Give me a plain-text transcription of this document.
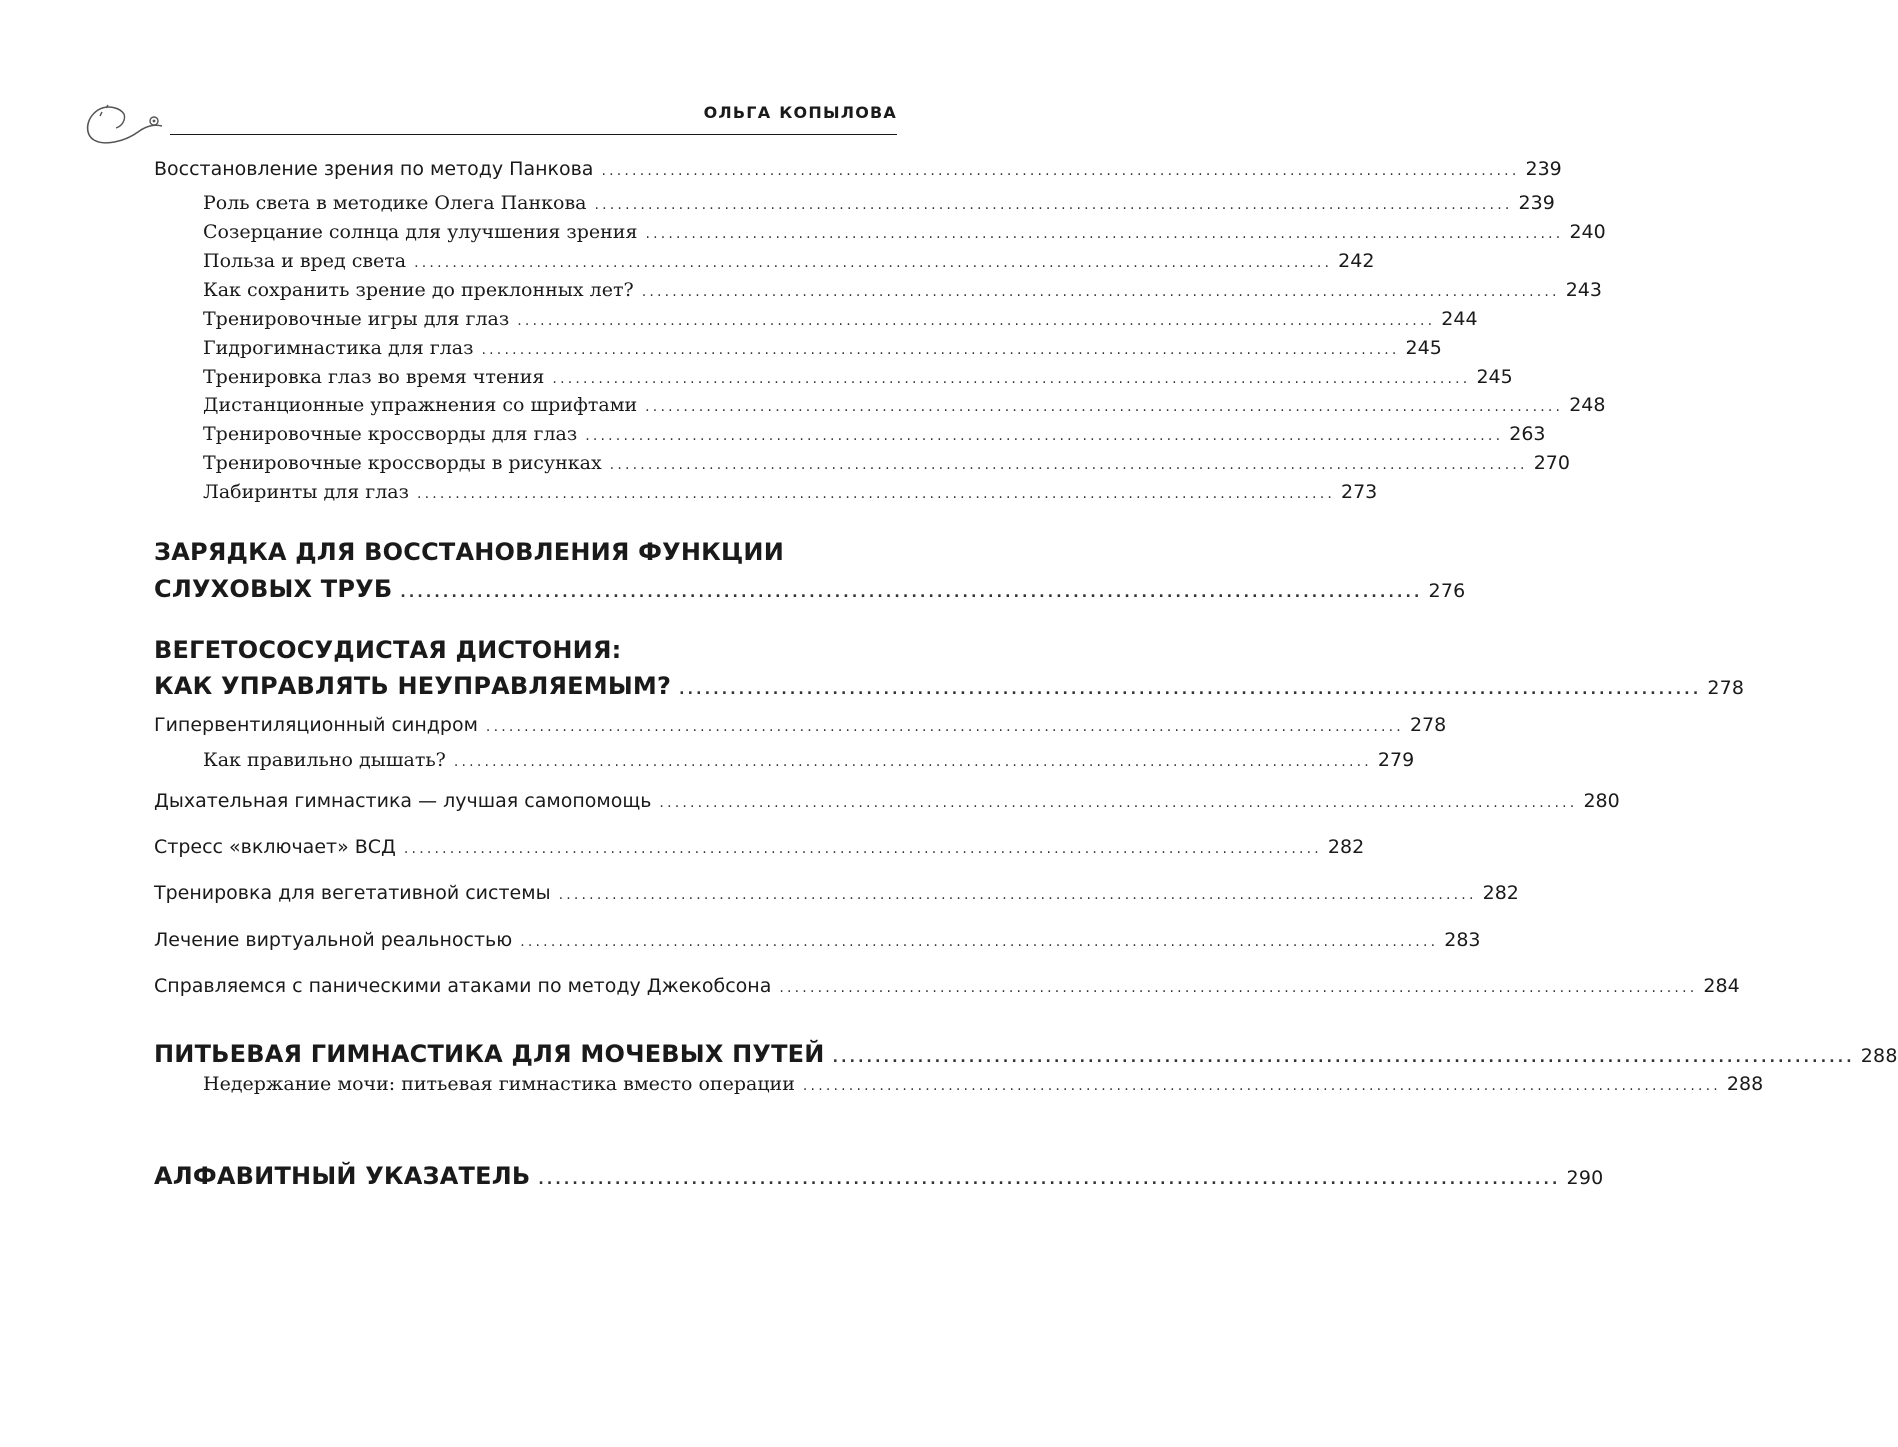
ОЛЬГА КОПЫЛОВА
Восстановление зрения по методу Панкова ........................................................................................................................ 239
Роль света в методике Олега Панкова ........................................................................................................................ 239
Созерцание солнца для улучшения зрения ........................................................................................................................ 240
Польза и вред света ........................................................................................................................ 242
Как сохранить зрение до преклонных лет? ........................................................................................................................ 243
Тренировочные игры для глаз ........................................................................................................................ 244
Гидрогимнастика для глаз ........................................................................................................................ 245
Тренировка глаз во время чтения ........................................................................................................................ 245
Дистанционные упражнения со шрифтами ........................................................................................................................ 248
Тренировочные кроссворды для глаз ........................................................................................................................ 263
Тренировочные кроссворды в рисунках ........................................................................................................................ 270
Лабиринты для глаз ........................................................................................................................ 273
ЗАРЯДКА ДЛЯ ВОССТАНОВЛЕНИЯ ФУНКЦИИ
СЛУХОВЫХ ТРУБ ........................................................................................................................ 276
ВЕГЕТОСОСУДИСТАЯ ДИСТОНИЯ:
КАК УПРАВЛЯТЬ НЕУПРАВЛЯЕМЫМ? ........................................................................................................................ 278
Гипервентиляционный синдром ........................................................................................................................ 278
Как правильно дышать? ........................................................................................................................ 279
Дыхательная гимнастика — лучшая самопомощь ........................................................................................................................ 280
Стресс «включает» ВСД ........................................................................................................................ 282
Тренировка для вегетативной системы ........................................................................................................................ 282
Лечение виртуальной реальностью ........................................................................................................................ 283
Справляемся с паническими атаками по методу Джекобсона ........................................................................................................................ 284
ПИТЬЕВАЯ ГИМНАСТИКА ДЛЯ МОЧЕВЫХ ПУТЕЙ ........................................................................................................................ 288
Недержание мочи: питьевая гимнастика вместо операции ........................................................................................................................ 288
АЛФАВИТНЫЙ УКАЗАТЕЛЬ ........................................................................................................................ 290
